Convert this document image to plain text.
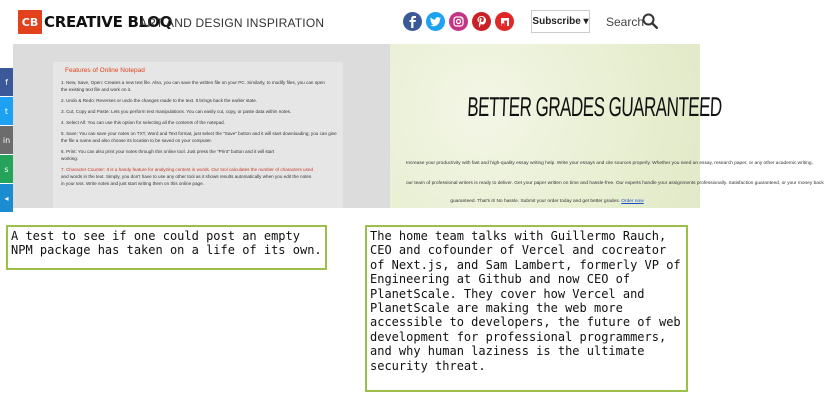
CB CREATIVE BLOQ
ART AND DESIGN INSPIRATION	Subscribe ▾ Search
f
t
in
s
◂
Features of Online Notepad
1. New, Save, Open: Creates a new text file. Also, you can save the written file on your PC. Similarly, to modify files, you can open
the existing text file and work on it.
2. Undo & Redo: Reverses or undo the changes made to the text. It brings back the earlier state.
3. Cut, Copy and Paste: Lets you perform text manipulations. You can easily cut, copy, or paste data within notes.
4. Select All: You can use this option for selecting all the contents of the notepad.
5. Save: You can save your notes on TXT, Word and Text format, just select the "Save" button and it will start downloading; you can give
the file a name and also choose its location to be saved on your computer.
6. Print: You can also print your notes through this online tool. Just press the "Print" button and it will start
working.
7. Character Counter: It is a handy feature for analyzing content in words. Our tool calculates the number of characters used
and words in the text. Simply, you don't have to use any other tool as it shows results automatically when you edit the notes
in your text. Write notes and just start writing them on this online page.
BETTER GRADES GUARANTEED
Increase your productivity with fast and high-quality essay writing help. Write your essays and cite sources properly. Whether you need an essay, research paper, or any other academic writing,
our team of professional writers is ready to deliver. Get your paper written on time and hassle-free. Our experts handle your assignments professionally. Satisfaction guaranteed, or your money back
guaranteed. That's it! No hassle. Submit your order today and get better grades. Order now
A test to see if one could post an empty NPM package has taken on a life of its own.
The home team talks with Guillermo Rauch, CEO and cofounder of Vercel and cocreator of Next.js, and Sam Lambert, formerly VP of Engineering at Github and now CEO of PlanetScale. They cover how Vercel and PlanetScale are making the web more accessible to developers, the future of web development for professional programmers, and why human laziness is the ultimate security threat.
